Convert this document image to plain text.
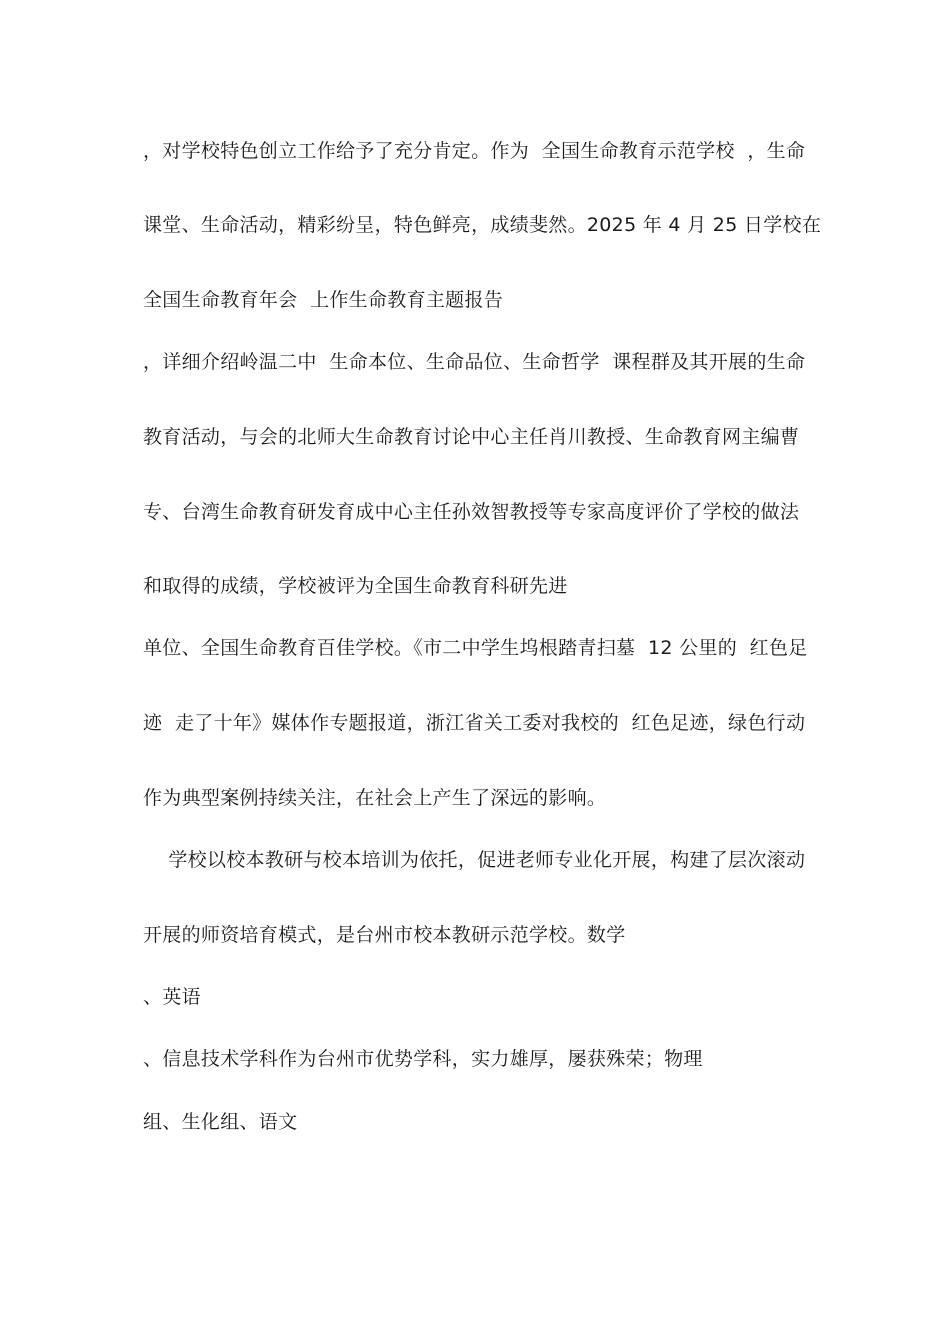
，对学校特色创立工作给予了充分肯定。作为  全国生命教育示范学校  ，生命
课堂、生命活动，精彩纷呈，特色鲜亮，成绩斐然。2025 年 4 月 25 日学校在
全国生命教育年会  上作生命教育主题报告
，详细介绍岭温二中  生命本位、生命品位、生命哲学  课程群及其开展的生命
教育活动，与会的北师大生命教育讨论中心主任肖川教授、生命教育网主编曹
专、台湾生命教育研发育成中心主任孙效智教授等专家高度评价了学校的做法
和取得的成绩，学校被评为全国生命教育科研先进
单位、全国生命教育百佳学校。《市二中学生坞根踏青扫墓  12 公里的  红色足
迹  走了十年》媒体作专题报道，浙江省关工委对我校的  红色足迹，绿色行动
作为典型案例持续关注，在社会上产生了深远的影响。
学校以校本教研与校本培训为依托，促进老师专业化开展，构建了层次滚动
开展的师资培育模式，是台州市校本教研示范学校。数学
、英语
、信息技术学科作为台州市优势学科，实力雄厚，屡获殊荣；物理
组、生化组、语文
